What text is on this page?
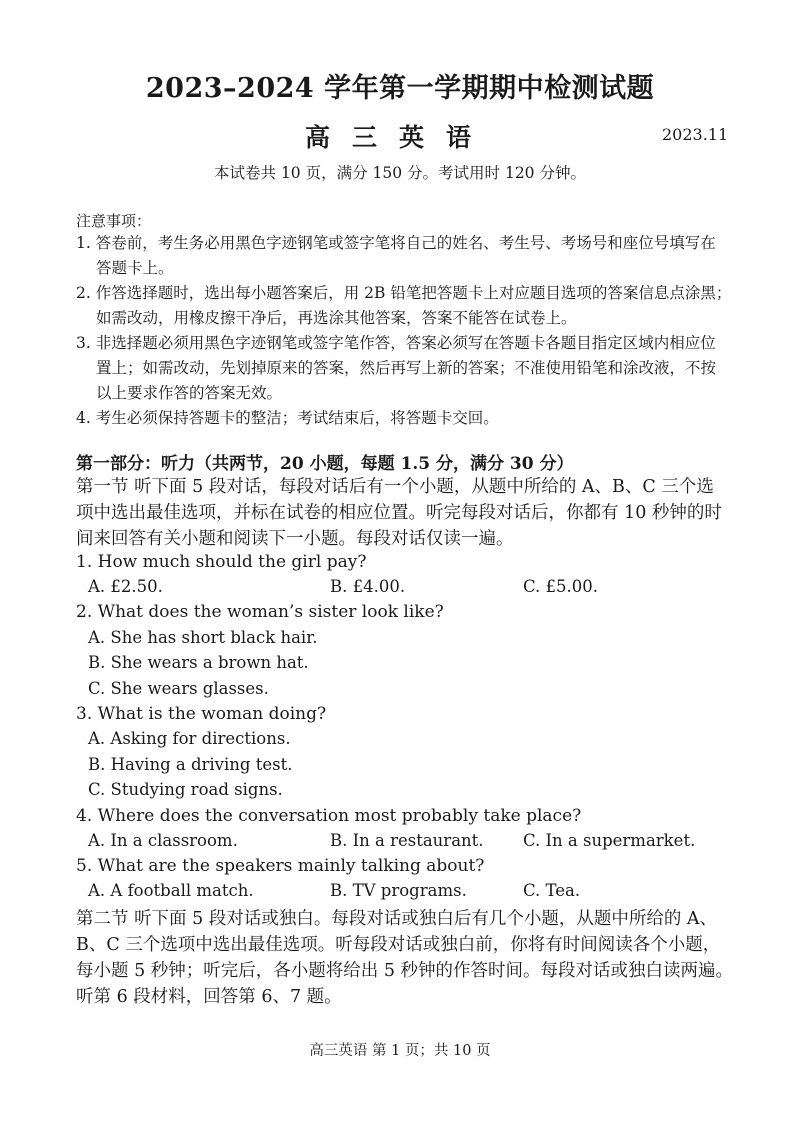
2023–2024 学年第一学期期中检测试题
高三英语	2023.11
本试卷共 10 页，满分 150 分。考试用时 120 分钟。
注意事项：
1. 答卷前，考生务必用黑色字迹钢笔或签字笔将自己的姓名、考生号、考场号和座位号填写在
答题卡上。
2. 作答选择题时，选出每小题答案后，用 2B 铅笔把答题卡上对应题目选项的答案信息点涂黑；
如需改动，用橡皮擦干净后，再选涂其他答案，答案不能答在试卷上。
3. 非选择题必须用黑色字迹钢笔或签字笔作答，答案必须写在答题卡各题目指定区域内相应位
置上；如需改动，先划掉原来的答案，然后再写上新的答案；不准使用铅笔和涂改液，不按
以上要求作答的答案无效。
4. 考生必须保持答题卡的整洁；考试结束后，将答题卡交回。
第一部分：听力（共两节，20 小题，每题 1.5 分，满分 30 分）
第一节 听下面 5 段对话，每段对话后有一个小题，从题中所给的 A、B、C 三个选
项中选出最佳选项，并标在试卷的相应位置。听完每段对话后，你都有 10 秒钟的时
间来回答有关小题和阅读下一小题。每段对话仅读一遍。
1. How much should the girl pay?
A. £2.50.	B. £4.00.	C. £5.00.
2. What does the woman’s sister look like?
A. She has short black hair.
B. She wears a brown hat.
C. She wears glasses.
3. What is the woman doing?
A. Asking for directions.
B. Having a driving test.
C. Studying road signs.
4. Where does the conversation most probably take place?
A. In a classroom.	B. In a restaurant. C. In a supermarket.
5. What are the speakers mainly talking about?
A. A football match.	B. TV programs.	C. Tea.
第二节 听下面 5 段对话或独白。每段对话或独白后有几个小题，从题中所给的 A、
B、C 三个选项中选出最佳选项。听每段对话或独白前，你将有时间阅读各个小题，
每小题 5 秒钟；听完后，各小题将给出 5 秒钟的作答时间。每段对话或独白读两遍。
听第 6 段材料，回答第 6、7 题。
高三英语 第 1 页；共 10 页
